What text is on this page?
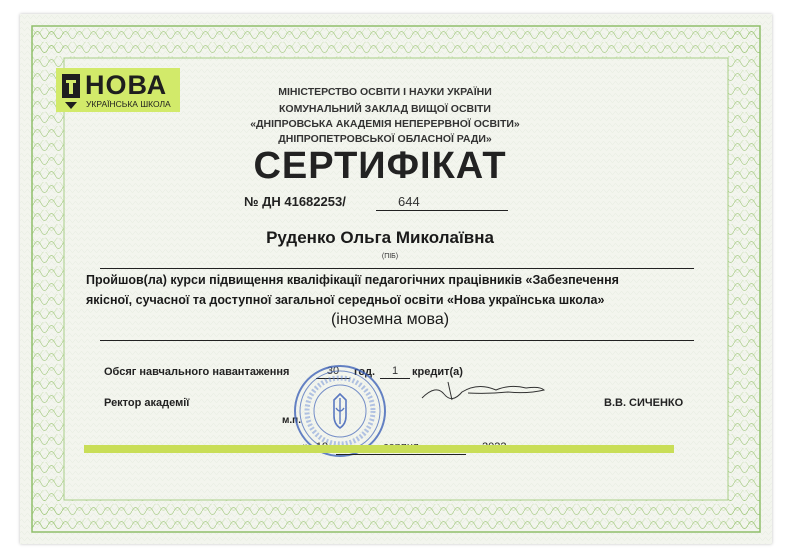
НОВА
УКРАЇНСЬКА ШКОЛА
МІНІСТЕРСТВО ОСВІТИ І НАУКИ УКРАЇНИ
КОМУНАЛЬНИЙ ЗАКЛАД ВИЩОЇ ОСВІТИ
«ДНІПРОВСЬКА АКАДЕМІЯ НЕПЕРЕРВНОЇ ОСВІТИ»
ДНІПРОПЕТРОВСЬКОЇ ОБЛАСНОЇ РАДИ»
СЕРТИФІКАТ
№ ДН 41682253/	644
Руденко Ольга Миколаївна
(ПІБ)
Пройшов(ла) курси підвищення кваліфікації педагогічних працівників «Забезпечення
якісної, сучасної та доступної загальної середньої освіти «Нова українська школа»
(іноземна мова)
Обсяг навчального навантаження	30	год.	1	кредит(а)
Ректор академії	В.В. СИЧЕНКО
м.п.
